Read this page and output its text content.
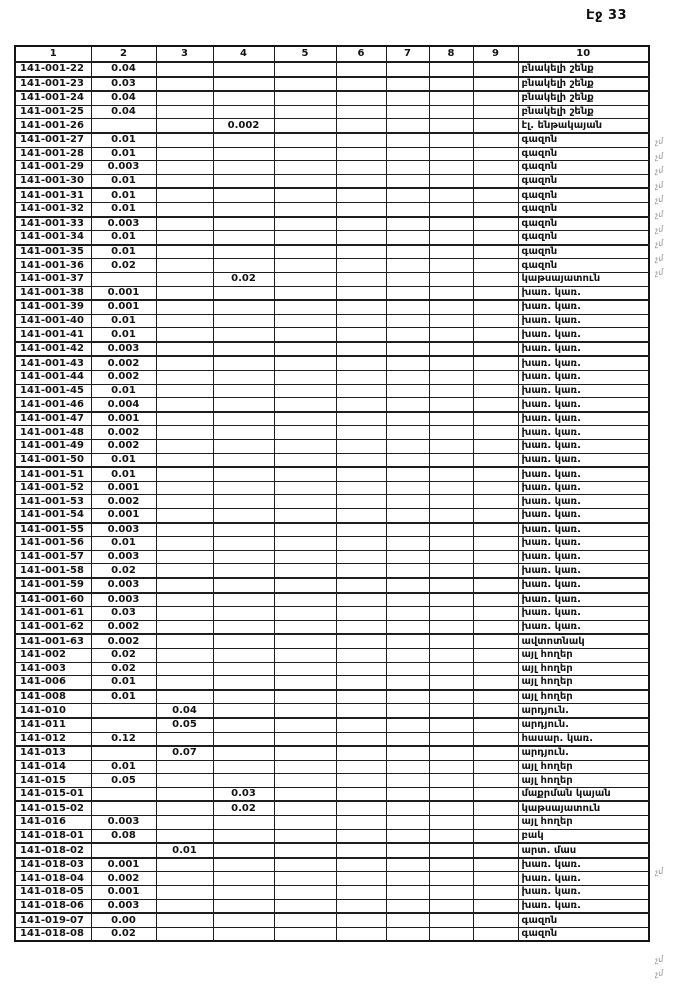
Էջ 33
1	2	3	4	5	6	7	8	9	10
141-001-22	0.04								բնակելի շենք
141-001-23	0.03								բնակելի շենք
141-001-24	0.04								բնակելի շենք
141-001-25	0.04								բնակելի շենք
141-001-26			0.002						էլ. ենթակայան
141-001-27	0.01								գազոն
141-001-28	0.01								գազոն
141-001-29	0.003								գազոն
141-001-30	0.01								գազոն
141-001-31	0.01								գազոն
141-001-32	0.01								գազոն
141-001-33	0.003								գազոն
141-001-34	0.01								գազոն
141-001-35	0.01								գազոն
141-001-36	0.02								գազոն
141-001-37			0.02						կաթսայատուն
141-001-38	0.001								խառ. կառ.
141-001-39	0.001								խառ. կառ.
141-001-40	0.01								խառ. կառ.
141-001-41	0.01								խառ. կառ.
141-001-42	0.003								խառ. կառ.
141-001-43	0.002								խառ. կառ.
141-001-44	0.002								խառ. կառ.
141-001-45	0.01								խառ. կառ.
141-001-46	0.004								խառ. կառ.
141-001-47	0.001								խառ. կառ.
141-001-48	0.002								խառ. կառ.
141-001-49	0.002								խառ. կառ.
141-001-50	0.01								խառ. կառ.
141-001-51	0.01								խառ. կառ.
141-001-52	0.001								խառ. կառ.
141-001-53	0.002								խառ. կառ.
141-001-54	0.001								խառ. կառ.
141-001-55	0.003								խառ. կառ.
141-001-56	0.01								խառ. կառ.
141-001-57	0.003								խառ. կառ.
141-001-58	0.02								խառ. կառ.
141-001-59	0.003								խառ. կառ.
141-001-60	0.003								խառ. կառ.
141-001-61	0.03								խառ. կառ.
141-001-62	0.002								խառ. կառ.
141-001-63	0.002								ավտոտնակ
141-002	0.02								այլ հողեր
141-003	0.02								այլ հողեր
141-006	0.01								այլ հողեր
141-008	0.01								այլ հողեր
141-010		0.04							արդյուն.
141-011		0.05							արդյուն.
141-012	0.12								հասար. կառ.
141-013		0.07							արդյուն.
141-014	0.01								այլ հողեր
141-015	0.05								այլ հողեր
141-015-01			0.03						մաքրման կայան
141-015-02			0.02						կաթսայատուն
141-016	0.003								այլ հողեր
141-018-01	0.08								բակ
141-018-02		0.01							արտ. մաս
141-018-03	0.001								խառ. կառ.
141-018-04	0.002								խառ. կառ.
141-018-05	0.001								խառ. կառ.
141-018-06	0.003								խառ. կառ.
141-019-07	0.00								գազոն
141-018-08	0.02								գազոն
չմ
չմ
չմ
չմ
չմ
չմ
չմ
չմ
չմ
չմ
չմ
չմ
չմ
